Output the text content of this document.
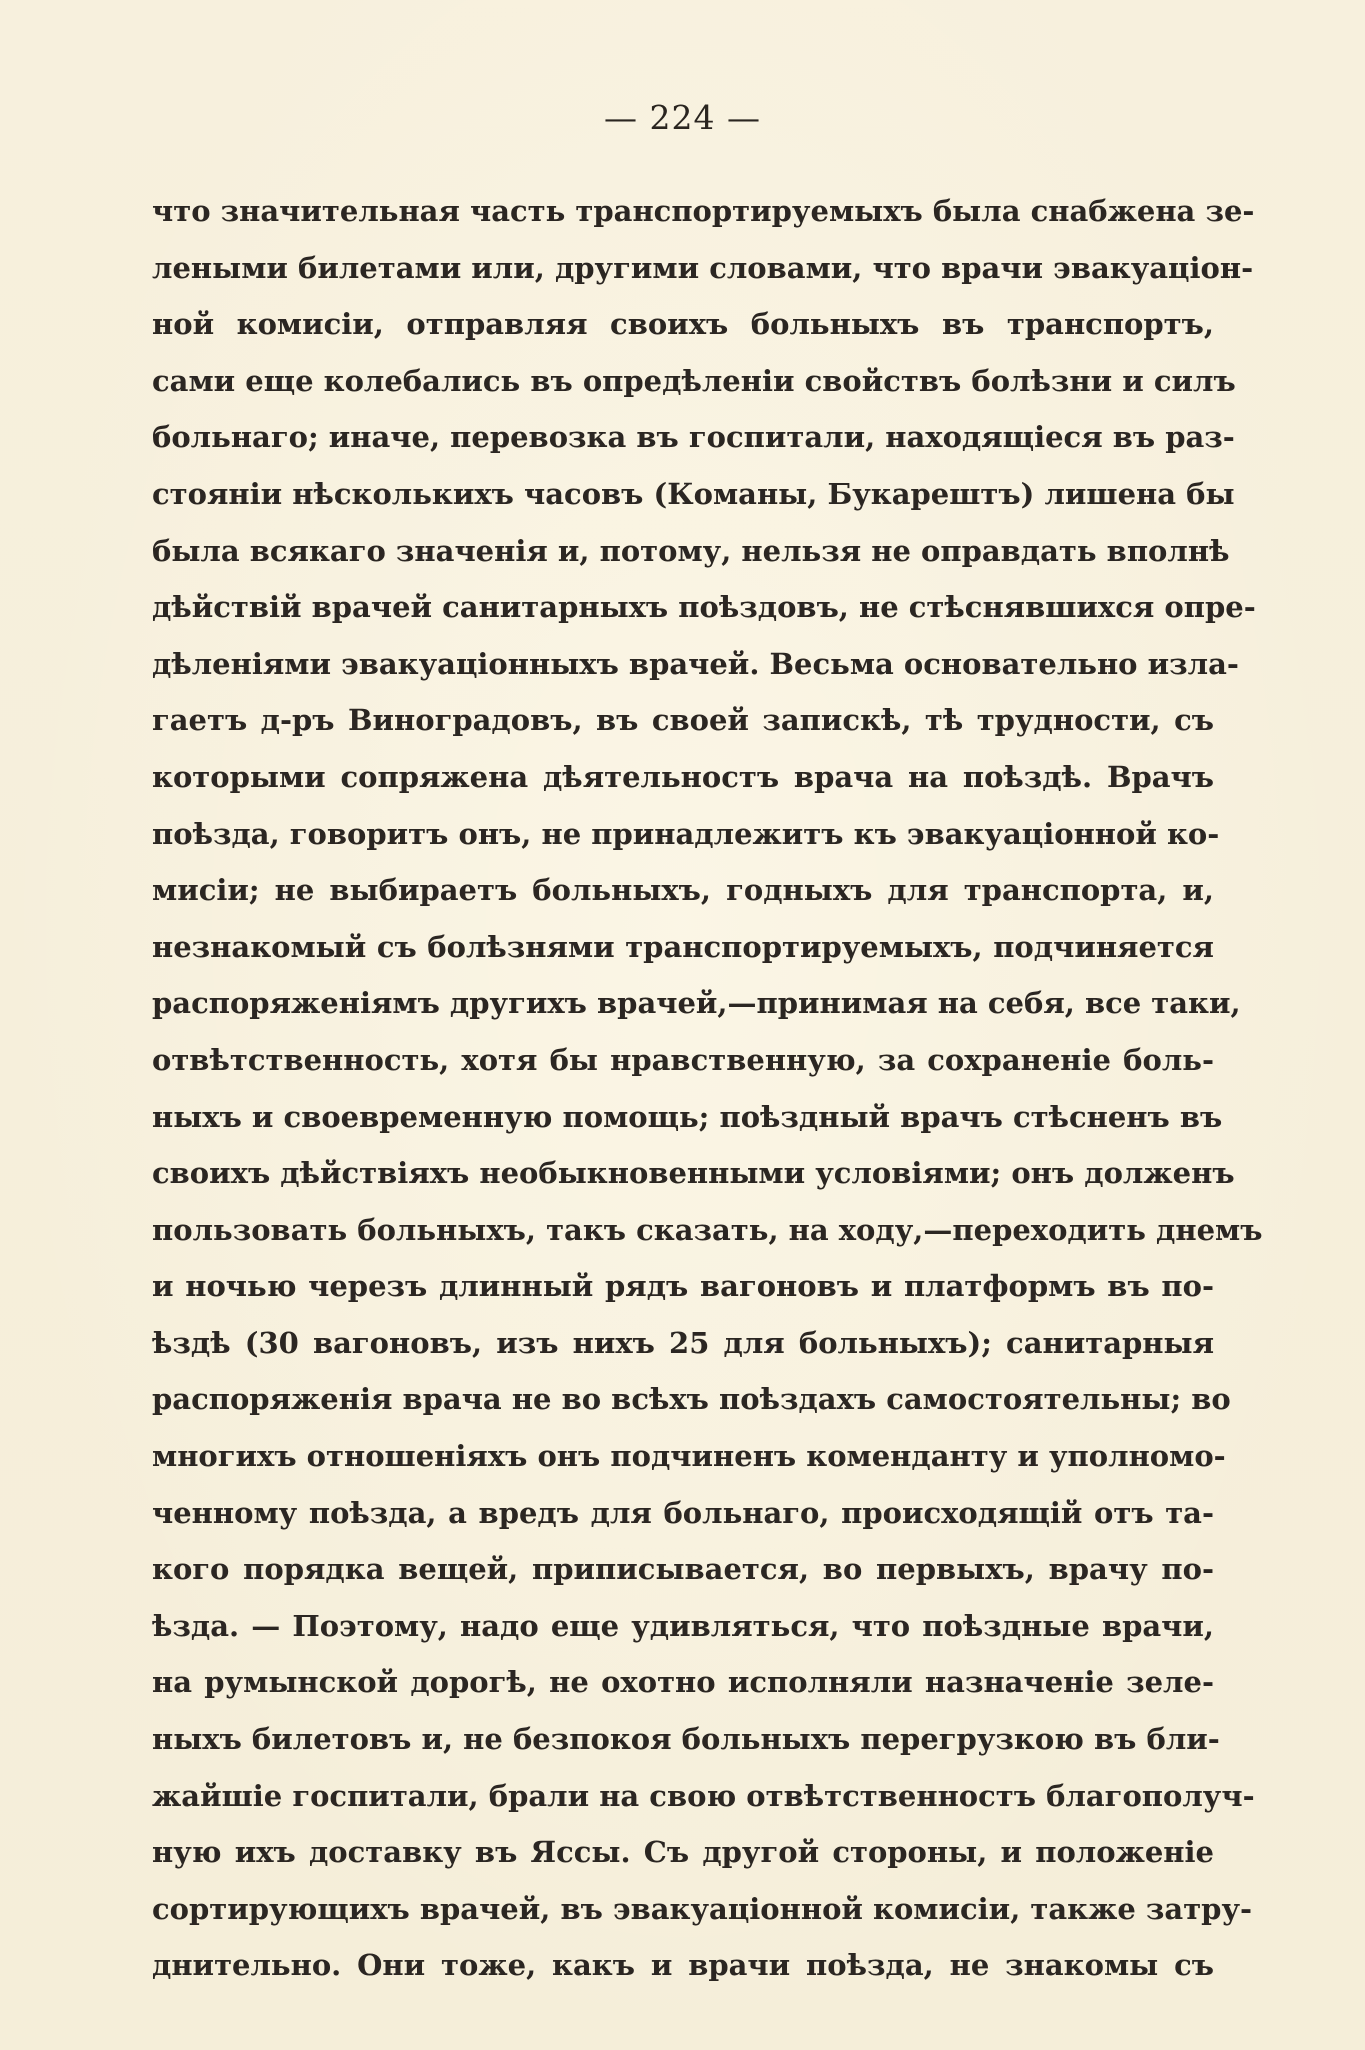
— 224 —
что значительная часть транспортируемыхъ была снабжена зе-
леными билетами или, другими словами, что врачи эвакуацiон-
ной комисiи, отправляя своихъ больныхъ въ транспортъ,
сами еще колебались въ опредѣленiи свойствъ болѣзни и силъ
больнаго; иначе, перевозка въ госпитали, находящiеся въ раз-
стоянiи нѣсколькихъ часовъ (Команы, Букарештъ) лишена бы
была всякаго значенiя и, потому, нельзя не оправдать вполнѣ
дѣйствiй врачей санитарныхъ поѣздовъ, не стѣснявшихся опре-
дѣленiями эвакуацiонныхъ врачей. Весьма основательно изла-
гаетъ д-ръ Виноградовъ, въ своей запискѣ, тѣ трудности, съ
которыми сопряжена дѣятельностъ врача на поѣздѣ. Врачъ
поѣзда, говоритъ онъ, не принадлежитъ къ эвакуацiонной ко-
мисiи; не выбираетъ больныхъ, годныхъ для транспорта, и,
незнакомый съ болѣзнями транспортируемыхъ, подчиняется
распоряженiямъ другихъ врачей,—принимая на себя, все таки,
отвѣтственность, хотя бы нравственную, за сохраненiе боль-
ныхъ и своевременную помощь; поѣздный врачъ стѣсненъ въ
своихъ дѣйствiяхъ необыкновенными условiями; онъ долженъ
пользовать больныхъ, такъ сказать, на ходу,—переходить днемъ
и ночью черезъ длинный рядъ вагоновъ и платформъ въ по-
ѣздѣ (30 вагоновъ, изъ нихъ 25 для больныхъ); санитарныя
распоряженiя врача не во всѣхъ поѣздахъ самостоятельны; во
многихъ отношенiяхъ онъ подчиненъ коменданту и уполномо-
ченному поѣзда, а вредъ для больнаго, происходящiй отъ та-
кого порядка вещей, приписывается, во первыхъ, врачу по-
ѣзда. — Поэтому, надо еще удивляться, что поѣздные врачи,
на румынской дорогѣ, не охотно исполняли назначенiе зеле-
ныхъ билетовъ и, не безпокоя больныхъ перегрузкою въ бли-
жайшiе госпитали, брали на свою отвѣтственностъ благополуч-
ную ихъ доставку въ Яссы. Съ другой стороны, и положенiе
сортирующихъ врачей, въ эвакуацiонной комисiи, также затру-
днительно. Они тоже, какъ и врачи поѣзда, не знакомы съ
